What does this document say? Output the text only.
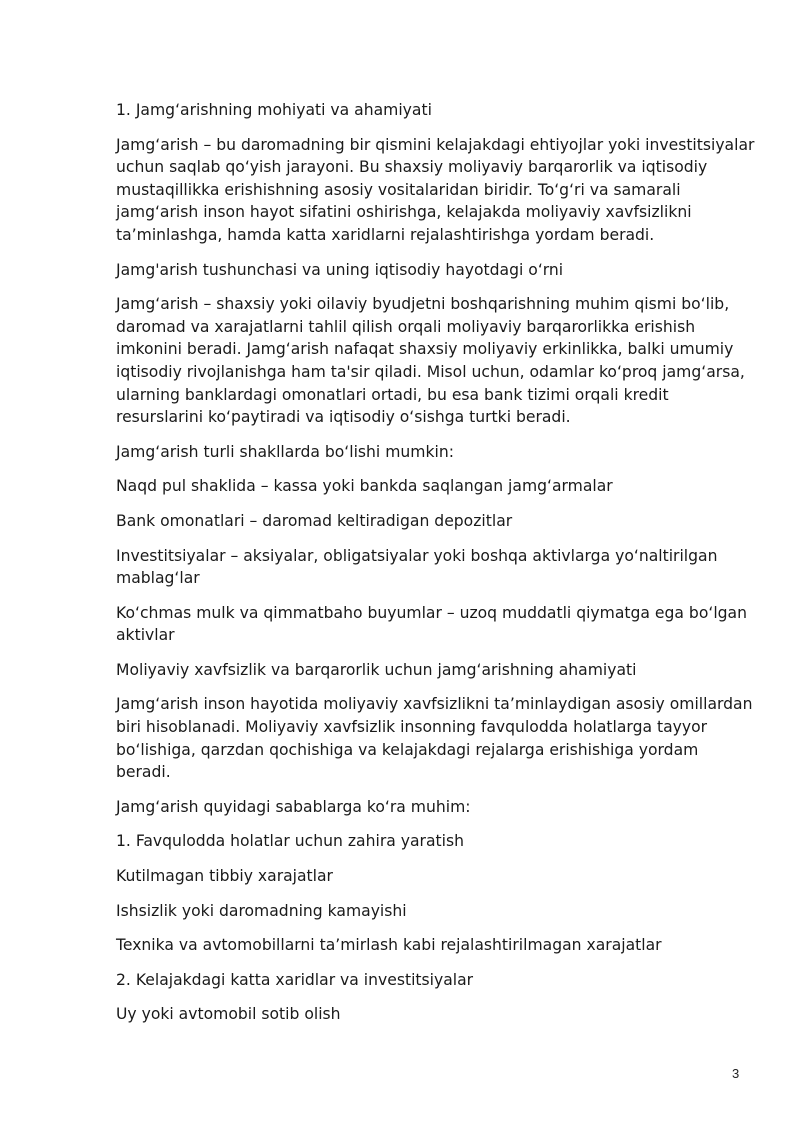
1. Jamg‘arishning mohiyati va ahamiyati

Jamg‘arish – bu daromadning bir qismini kelajakdagi ehtiyojlar yoki investitsiyalar uchun saqlab qo‘yish jarayoni. Bu shaxsiy moliyaviy barqarorlik va iqtisodiy mustaqillikka erishishning asosiy vositalaridan biridir. To‘g‘ri va samarali jamg‘arish inson hayot sifatini oshirishga, kelajakda moliyaviy xavfsizlikni ta’minlashga, hamda katta xaridlarni rejalashtirishga yordam beradi.

Jamg'arish tushunchasi va uning iqtisodiy hayotdagi o‘rni

Jamg‘arish – shaxsiy yoki oilaviy byudjetni boshqarishning muhim qismi bo‘lib, daromad va xarajatlarni tahlil qilish orqali moliyaviy barqarorlikka erishish imkonini beradi. Jamg‘arish nafaqat shaxsiy moliyaviy erkinlikka, balki umumiy iqtisodiy rivojlanishga ham ta'sir qiladi. Misol uchun, odamlar ko‘proq jamg‘arsa, ularning banklardagi omonatlari ortadi, bu esa bank tizimi orqali kredit resurslarini ko‘paytiradi va iqtisodiy o‘sishga turtki beradi.

Jamg‘arish turli shakllarda bo‘lishi mumkin:

Naqd pul shaklida – kassa yoki bankda saqlangan jamg‘armalar

Bank omonatlari – daromad keltiradigan depozitlar

Investitsiyalar – aksiyalar, obligatsiyalar yoki boshqa aktivlarga yo‘naltirilgan mablag‘lar

Ko‘chmas mulk va qimmatbaho buyumlar – uzoq muddatli qiymatga ega bo‘lgan aktivlar

Moliyaviy xavfsizlik va barqarorlik uchun jamg‘arishning ahamiyati

Jamg‘arish inson hayotida moliyaviy xavfsizlikni ta’minlaydigan asosiy omillardan biri hisoblanadi. Moliyaviy xavfsizlik insonning favqulodda holatlarga tayyor bo‘lishiga, qarzdan qochishiga va kelajakdagi rejalarga erishishiga yordam beradi.

Jamg‘arish quyidagi sabablarga ko‘ra muhim:

1. Favqulodda holatlar uchun zahira yaratish

Kutilmagan tibbiy xarajatlar

Ishsizlik yoki daromadning kamayishi

Texnika va avtomobillarni ta’mirlash kabi rejalashtirilmagan xarajatlar

2. Kelajakdagi katta xaridlar va investitsiyalar

Uy yoki avtomobil sotib olish

3
